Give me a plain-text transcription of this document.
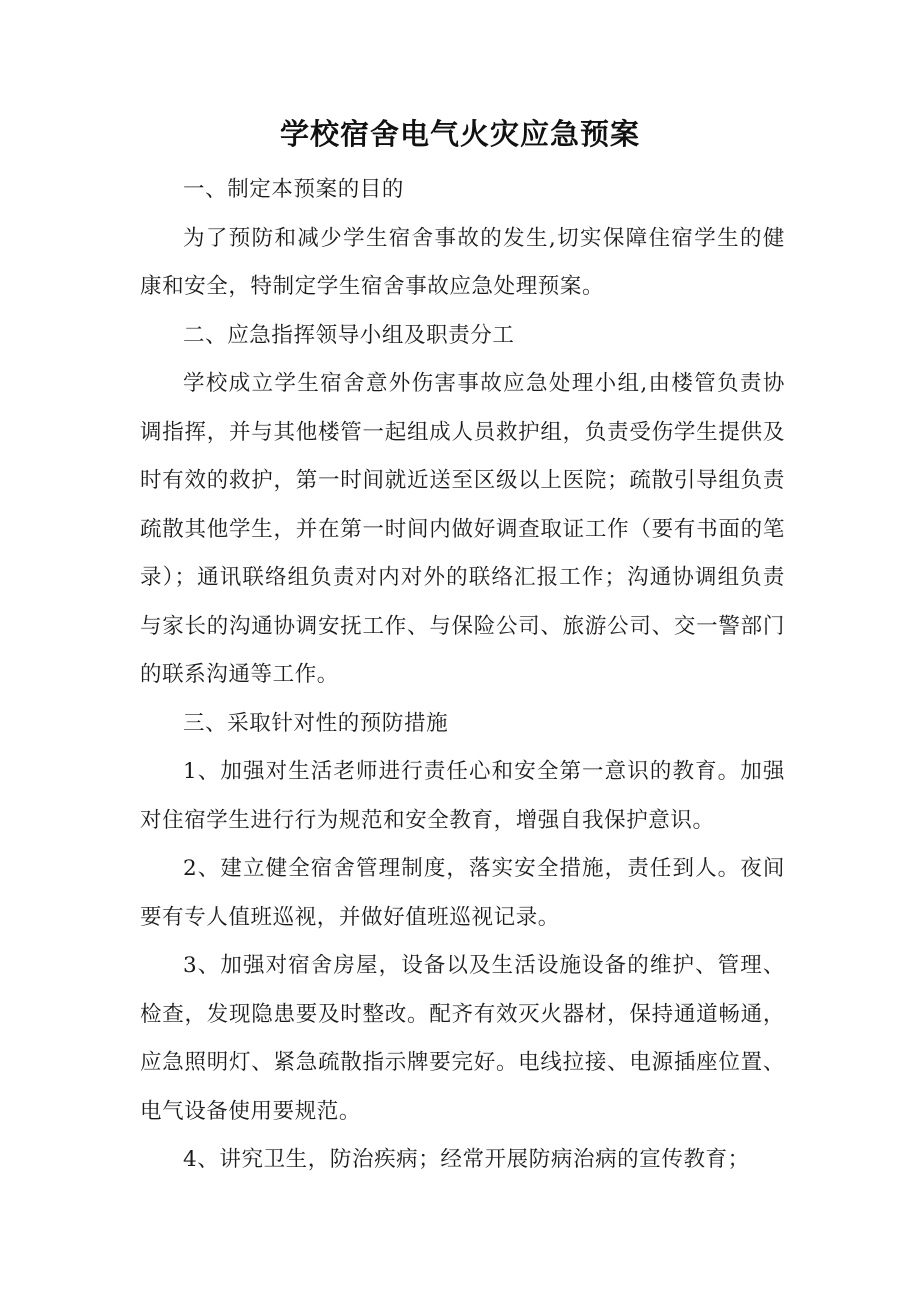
学校宿舍电气火灾应急预案

一、制定本预案的目的

为了预防和减少学生宿舍事故的发生,切实保障住宿学生的健康和安全，特制定学生宿舍事故应急处理预案。

二、应急指挥领导小组及职责分工

学校成立学生宿舍意外伤害事故应急处理小组,由楼管负责协调指挥，并与其他楼管一起组成人员救护组，负责受伤学生提供及时有效的救护，第一时间就近送至区级以上医院；疏散引导组负责疏散其他学生，并在第一时间内做好调查取证工作（要有书面的笔录）；通讯联络组负责对内对外的联络汇报工作；沟通协调组负责与家长的沟通协调安抚工作、与保险公司、旅游公司、交一警部门的联系沟通等工作。

三、采取针对性的预防措施

1、加强对生活老师进行责任心和安全第一意识的教育。加强对住宿学生进行行为规范和安全教育，增强自我保护意识。

2、建立健全宿舍管理制度，落实安全措施，责任到人。夜间要有专人值班巡视，并做好值班巡视记录。

3、加强对宿舍房屋，设备以及生活设施设备的维护、管理、检查，发现隐患要及时整改。配齐有效灭火器材，保持通道畅通，应急照明灯、紧急疏散指示牌要完好。电线拉接、电源插座位置、电气设备使用要规范。

4、讲究卫生，防治疾病；经常开展防病治病的宣传教育；
